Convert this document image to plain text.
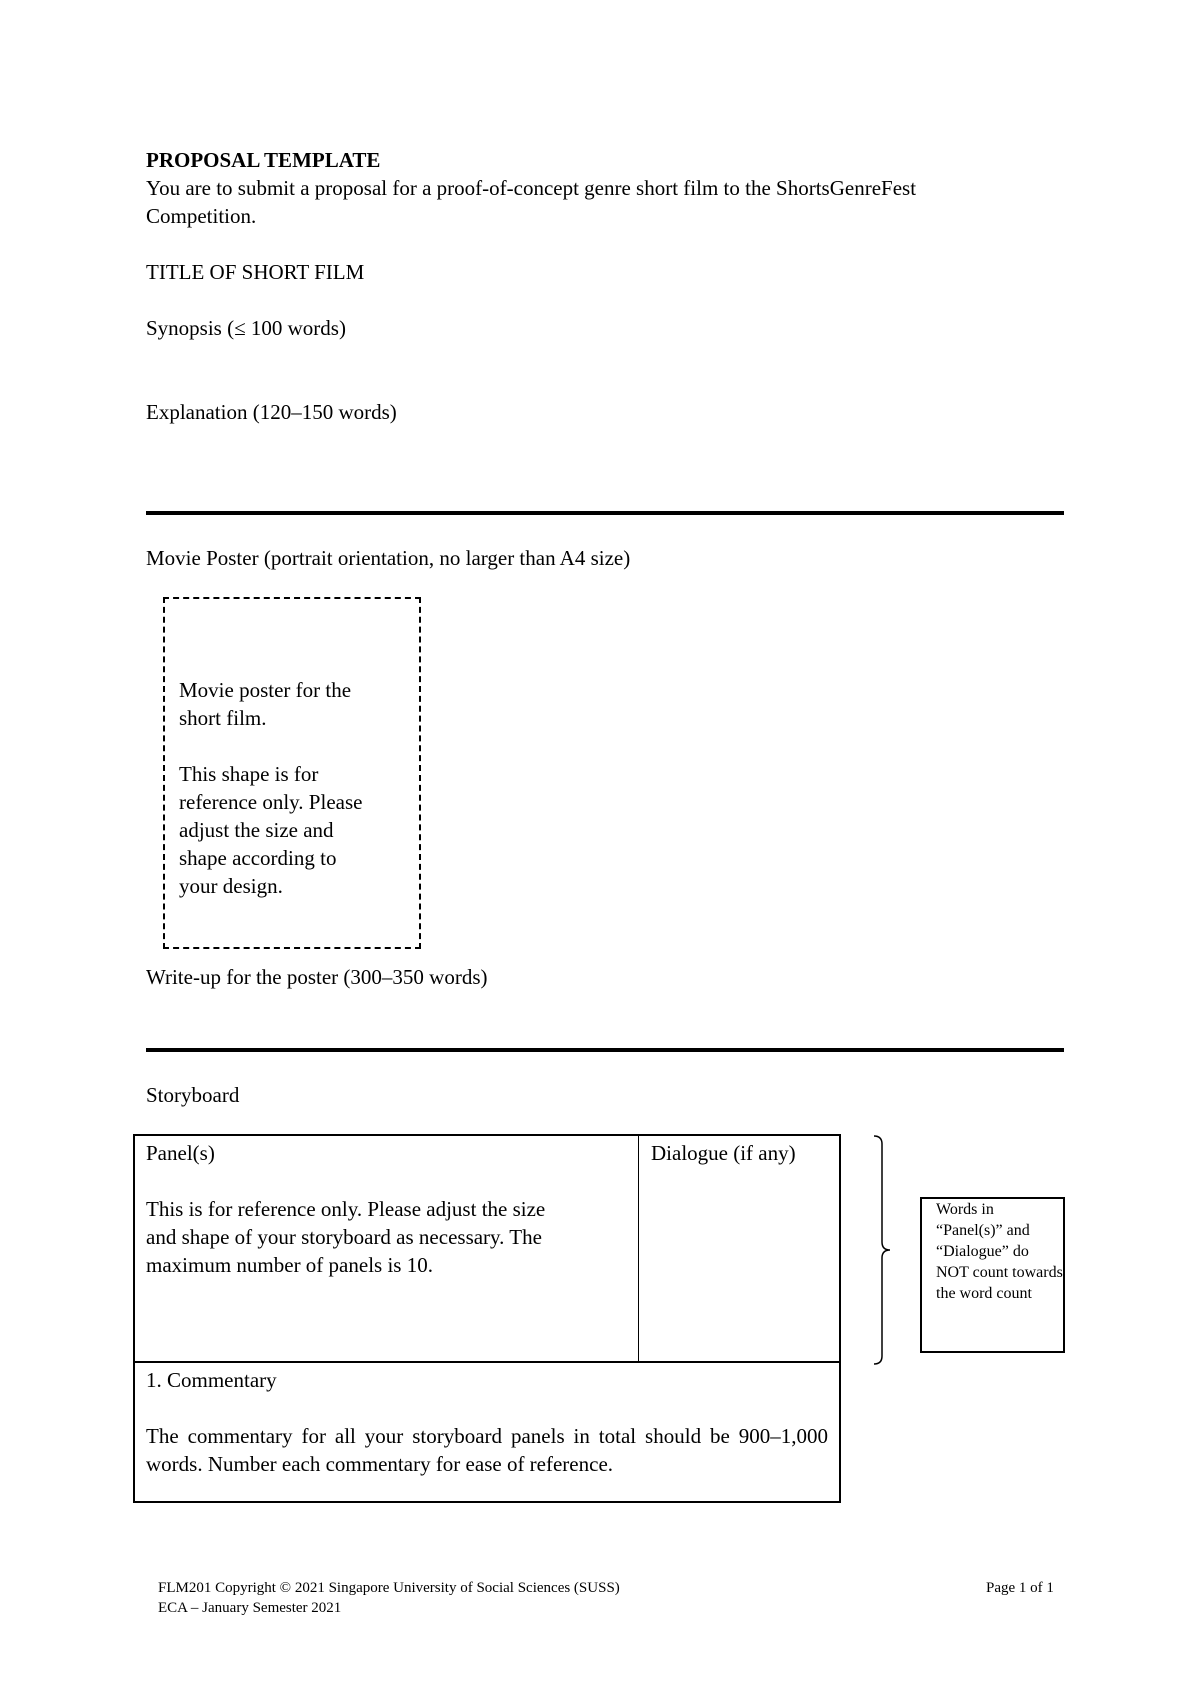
PROPOSAL TEMPLATE
You are to submit a proposal for a proof-of-concept genre short film to the ShortsGenreFest
Competition.
TITLE OF SHORT FILM
Synopsis (≤ 100 words)
Explanation (120–150 words)
Movie Poster (portrait orientation, no larger than A4 size)

Movie poster for the

short film.

This shape is for

reference only. Please

adjust the size and

shape according to

your design.

Write-up for the poster (300–350 words)
Storyboard
Panel(s)	Dialogue (if any)
This is for reference only. Please adjust the size
and shape of your storyboard as necessary. The
maximum number of panels is 10.
1. Commentary
The commentary for all your storyboard panels in total should be 900–1,000 words. Number each commentary for ease of reference.
Words in “Panel(s)” and “Dialogue” do NOT count towards the word count
FLM201 Copyright © 2021 Singapore University of Social Sciences (SUSS)
ECA – January Semester 2021
Page 1 of 1
